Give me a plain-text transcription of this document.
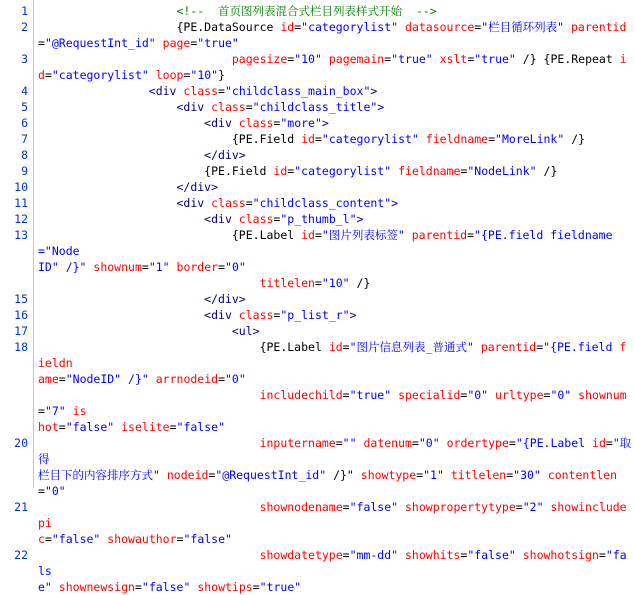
1
2
3
4
5
6
7
8
9
10
11
12
13
15
16
17
18
20
21
22
<!--  首页图列表混合式栏目列表样式开始  -->
{PE.DataSource id="categorylist" datasource="栏目循环列表" parentid="@RequestInt_id" page="true"
pagesize="10" pagemain="true" xslt="true" /} {PE.Repeat id="categorylist" loop="10"}
<div class="childclass_main_box">
<div class="childclass_title">
<div class="more">
{PE.Field id="categorylist" fieldname="MoreLink" /}
</div>
{PE.Field id="categorylist" fieldname="NodeLink" /}
</div>
<div class="childclass_content">
<div class="p_thumb_l">
{PE.Label id="图片列表标签" parentid="{PE.field fieldname="Node
ID" /}" shownum="1" border="0"
titlelen="10" /}
</div>
<div class="p_list_r">
<ul>
{PE.Label id="图片信息列表_普通式" parentid="{PE.field fieldn
ame="NodeID" /}" arrnodeid="0"
includechild="true" specialid="0" urltype="0" shownum="7" is
hot="false" iselite="false"
inputername="" datenum="0" ordertype="{PE.Label id="取得
栏目下的内容排序方式" nodeid="@RequestInt_id" /}" showtype="1" titlelen="30" contentlen="0"
shownodename="false" showpropertytype="2" showincludepi
c="false" showauthor="false"
showdatetype="mm-dd" showhits="false" showhotsign="fals
e" shownewsign="false" showtips="true"
